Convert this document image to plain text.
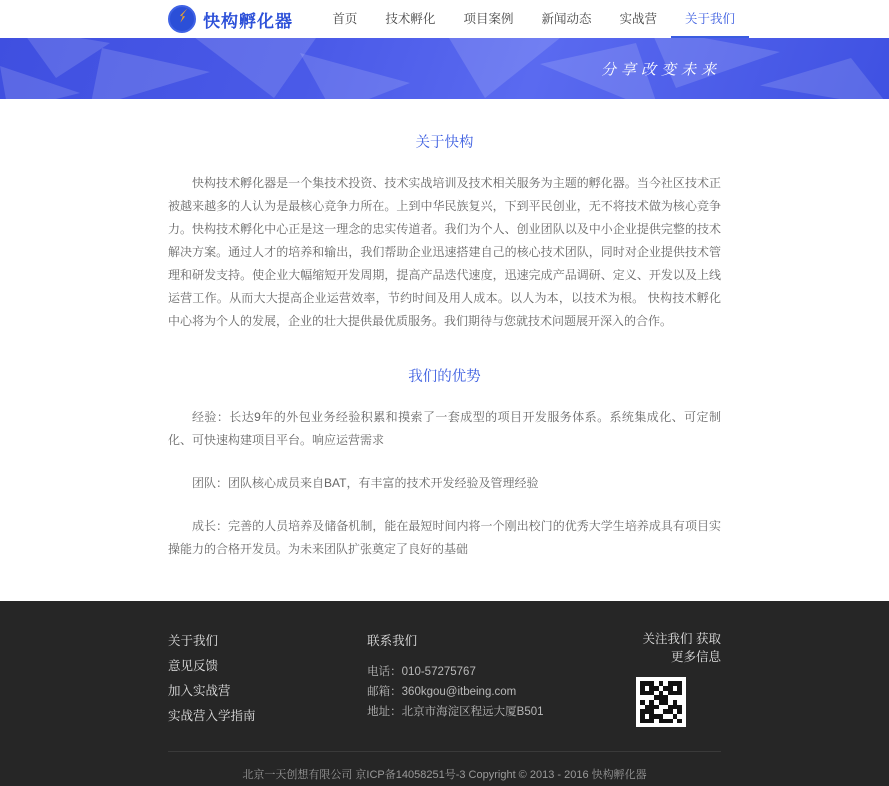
快构孵化器	首页	技术孵化	项目案例	新闻动态	实战营	关于我们
分享改变未来
关于快构

快构技术孵化器是一个集技术投资、技术实战培训及技术相关服务为主题的孵化器。当今社区技术正被越来越多的人认为是最核心竞争力所在。上到中华民族复兴，下到平民创业，无不将技术做为核心竞争力。快构技术孵化中心正是这一理念的忠实传道者。我们为个人、创业团队以及中小企业提供完整的技术解决方案。通过人才的培养和输出，我们帮助企业迅速搭建自己的核心技术团队，同时对企业提供技术管理和研发支持。使企业大幅缩短开发周期，提高产品迭代速度，迅速完成产品调研、定义、开发以及上线运营工作。从而大大提高企业运营效率，节约时间及用人成本。以人为本，以技术为根。 快构技术孵化中心将为个人的发展，企业的壮大提供最优质服务。我们期待与您就技术问题展开深入的合作。

我们的优势

经验：长达9年的外包业务经验积累和摸索了一套成型的项目开发服务体系。系统集成化、可定制化、可快速构建项目平台。响应运营需求

团队：团队核心成员来自BAT，有丰富的技术开发经验及管理经验

成长：完善的人员培养及储备机制，能在最短时间内将一个刚出校门的优秀大学生培养成具有项目实操能力的合格开发员。为未来团队扩张奠定了良好的基础

关于我们
意见反馈
加入实战营
实战营入学指南
联系我们
电话：010-57275767
邮箱：360kgou@itbeing.com
地址：北京市海淀区程远大厦B501
关注我们 获取更多信息
北京一天创想有限公司 京ICP备14058251号-3 Copyright © 2013 - 2016 快构孵化器
